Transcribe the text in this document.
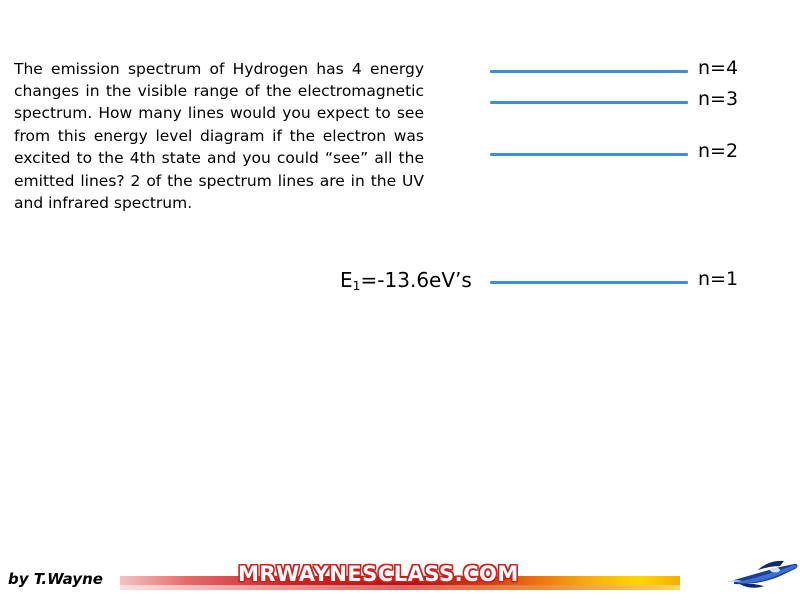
The emission spectrum of Hydrogen has 4 energy changes in the visible range of the electromagnetic spectrum. How many lines would you expect to see from this energy level diagram if the electron was excited to the 4th state and you could “see” all the emitted lines? 2 of the spectrum lines are in the UV and infrared spectrum.

n=4
n=3
n=2
n=1
$E_1=-13.6eV’s$
by T.Wayne	MRWAYNESCLASS.COM
